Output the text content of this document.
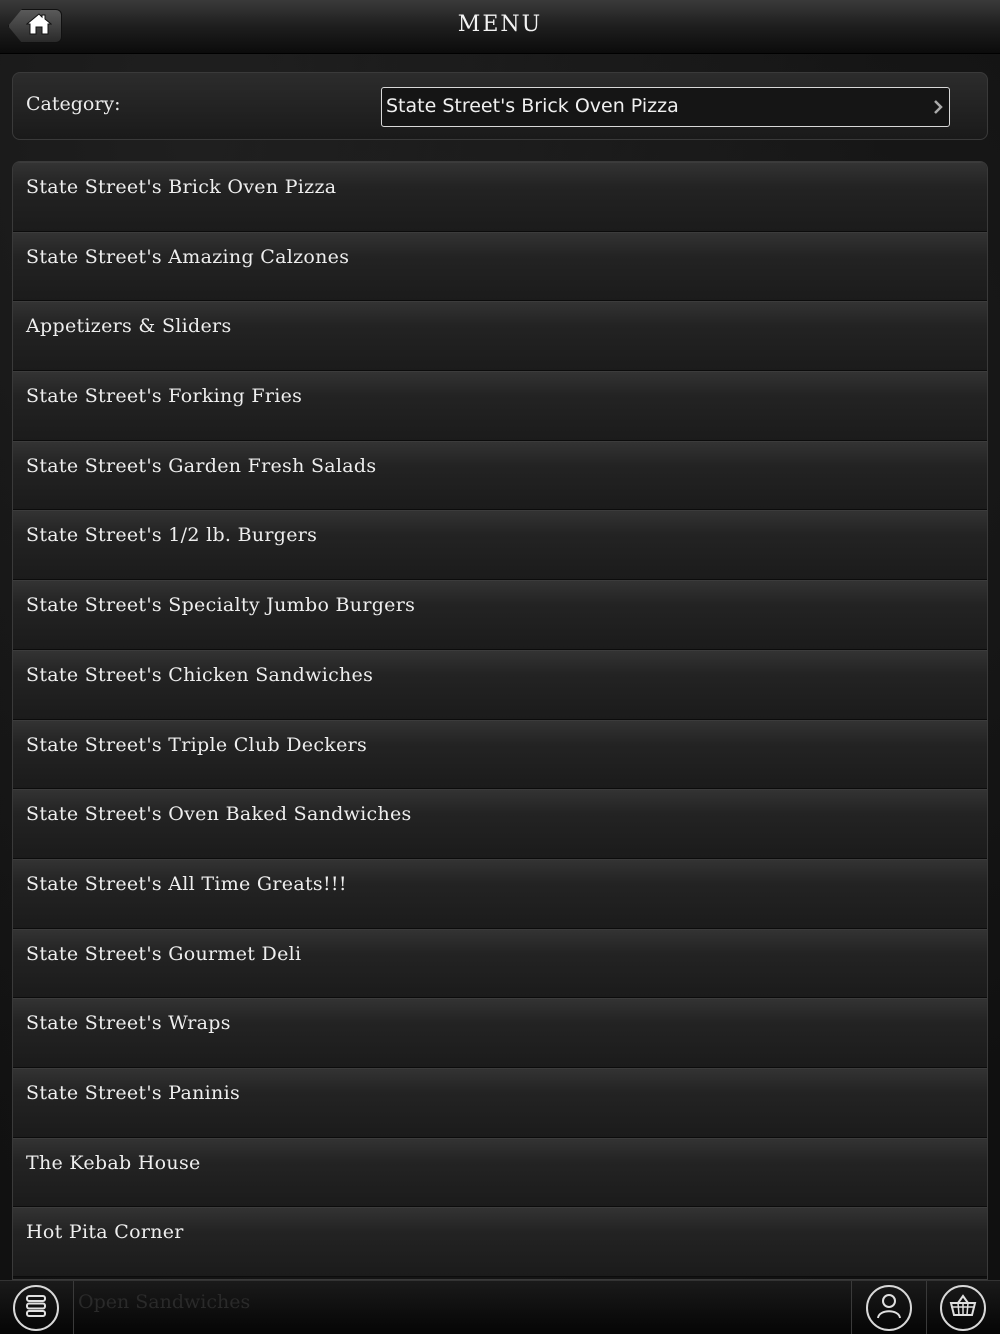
MENU
Category:	State Street's Brick Oven Pizza
State Street's Brick Oven Pizza
State Street's Amazing Calzones
Appetizers & Sliders
State Street's Forking Fries
State Street's Garden Fresh Salads
State Street's 1/2 lb. Burgers
State Street's Specialty Jumbo Burgers
State Street's Chicken Sandwiches
State Street's Triple Club Deckers
State Street's Oven Baked Sandwiches
State Street's All Time Greats!!!
State Street's Gourmet Deli
State Street's Wraps
State Street's Paninis
The Kebab House
Hot Pita Corner
Open Sandwiches
